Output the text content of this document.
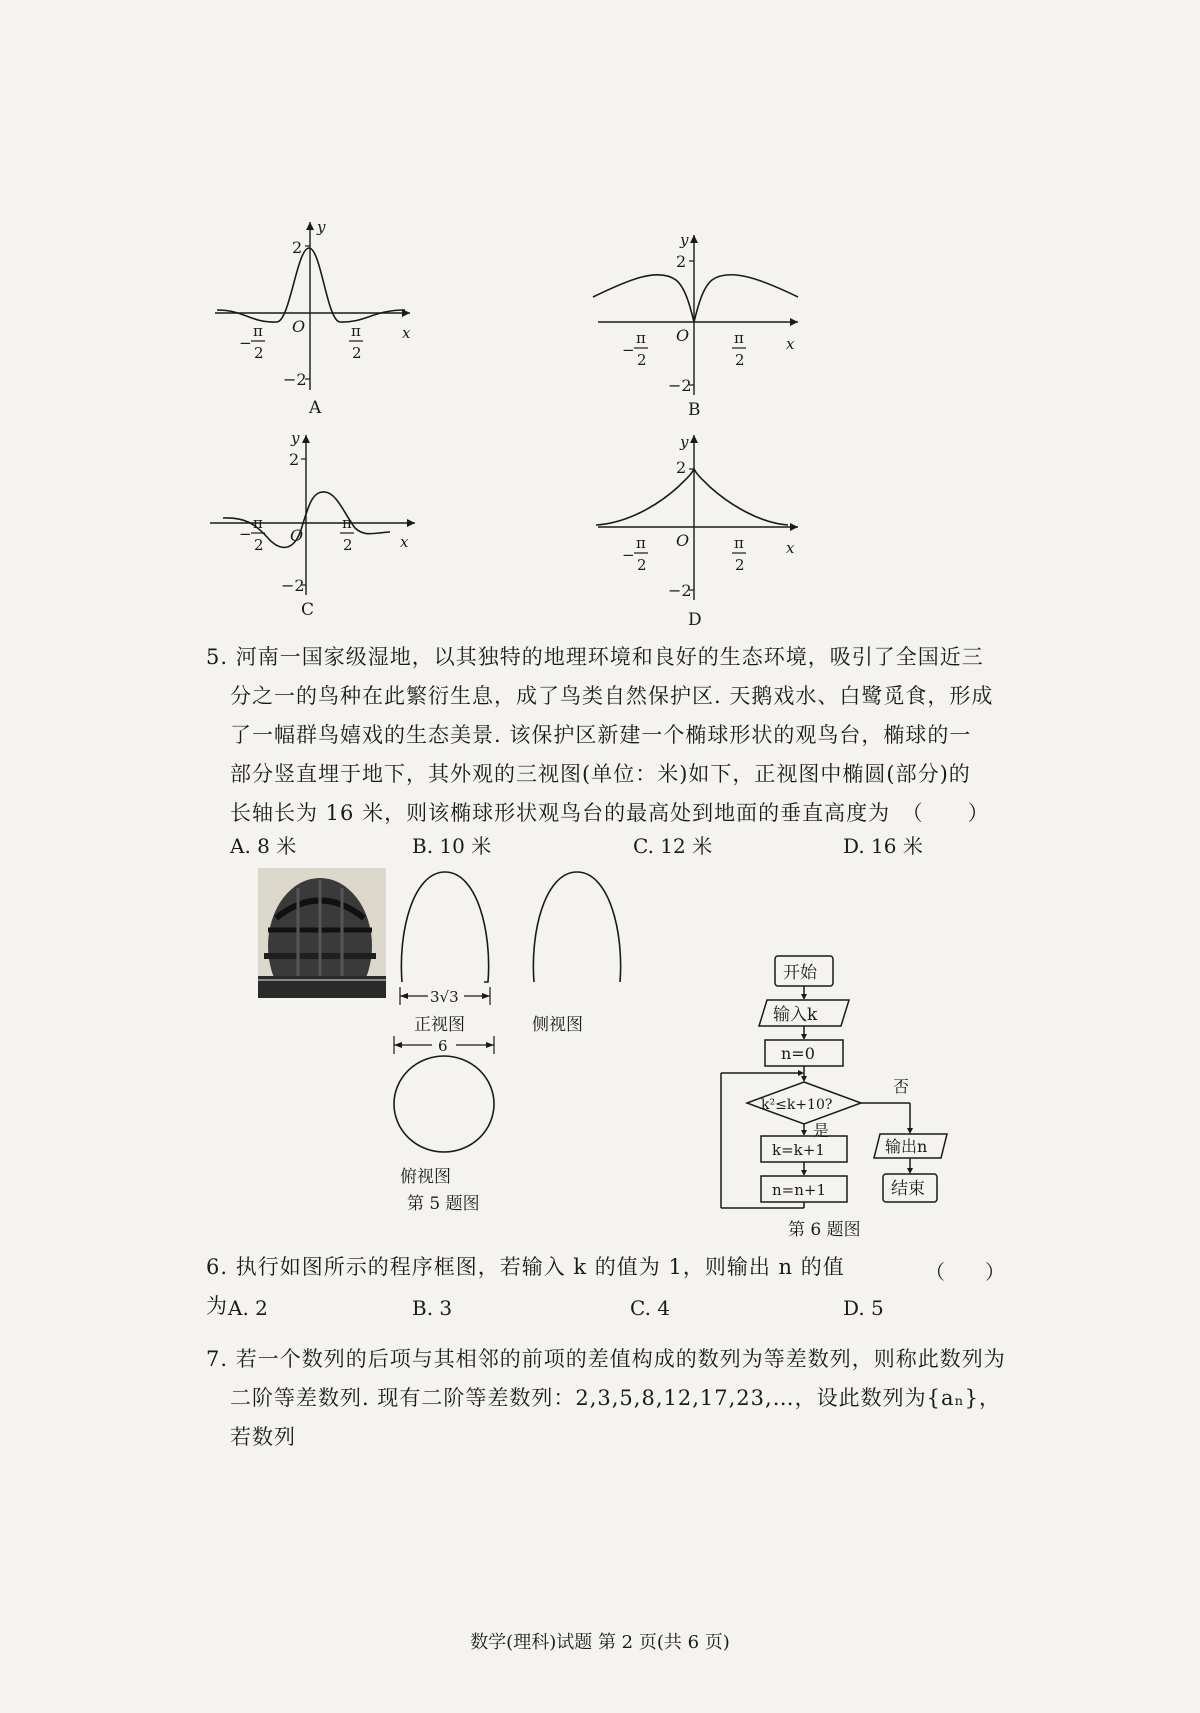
y
2
−2
O	x
−
π
2
π
2
A
y
2
−2
O	x
−
π
2
π
2
B
y
2
−2
O	x
−
π
2
π
2
C
y
2
−2
O	x
−
π
2
π
2
D
5. 河南一国家级湿地，以其独特的地理环境和良好的生态环境，吸引了全国近三
分之一的鸟种在此繁衍生息，成了鸟类自然保护区. 天鹅戏水、白鹭觅食，形成
了一幅群鸟嬉戏的生态美景. 该保护区新建一个椭球形状的观鸟台，椭球的一
部分竖直埋于地下，其外观的三视图(单位：米)如下，正视图中椭圆(部分)的
长轴长为 16 米，则该椭球形状观鸟台的最高处到地面的垂直高度为　（　　）
A. 8 米	B. 10 米	C. 12 米	D. 16 米
3√3
正视图	侧视图
6
俯视图
第 5 题图
开始
输入k
n=0
k²≤k+10?
否
输出n
结束
是
k=k+1
n=n+1
第 6 题图
6. 执行如图所示的程序框图，若输入 k 的值为 1，则输出 n 的值为
（　　）
A. 2	B. 3	C. 4	D. 5
7. 若一个数列的后项与其相邻的前项的差值构成的数列为等差数列，则称此数列为
二阶等差数列. 现有二阶等差数列：2,3,5,8,12,17,23,…，设此数列为{aₙ}，若数列
数学(理科)试题 第 2 页(共 6 页)
